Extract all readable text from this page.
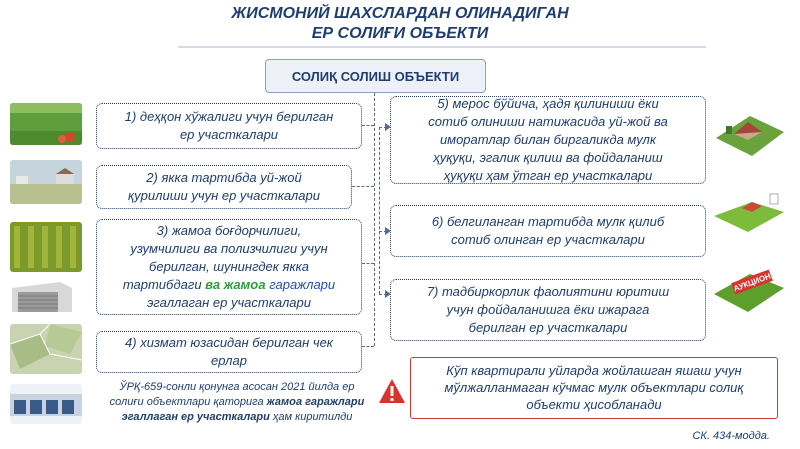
ЖИСМОНИЙ ШАХСЛАРДАН ОЛИНАДИГАН
ЕР СОЛИҒИ ОБЪЕКТИ
СОЛИҚ СОЛИШ ОБЪЕКТИ
1) деҳқон хўжалиги учун берилган
ер участкалари
2) якка тартибда уй-жой
қурилиши учун ер участкалари
3) жамоа боғдорчилиги,
узумчилиги ва полизчилиги учун
берилган, шунингдек якка
тартибдаги ва жамоа гаражлари
эгаллаган ер участкалари
4) хизмат юзасидан берилган чек
ерлар
5) мерос бўйича, ҳадя қилиниши ёки
сотиб олиниши натижасида уй-жой ва
иморатлар билан биргаликда мулк
ҳуқуқи, эгалик қилиш ва фойдаланиш
ҳуқуқи ҳам ўтган ер участкалари
6) белгиланган тартибда мулк қилиб
сотиб олинган ер участкалари
7) тадбиркорлик фаолиятини юритиш
учун фойдаланишга ёки ижарага
берилган ер участкалари
АУКЦИОН
ЎРҚ-659-сонли қонунга асосан 2021 йилда ер
солиғи объектлари қаторига жамоа гаражлари
эгаллаган ер участкалари ҳам киритилди
Кўп квартирали уйларда жойлашган яшаш учун мўлжалланмаган кўчмас мулк объектлари солиқ объекти ҳисобланади
СК. 434-модда.
